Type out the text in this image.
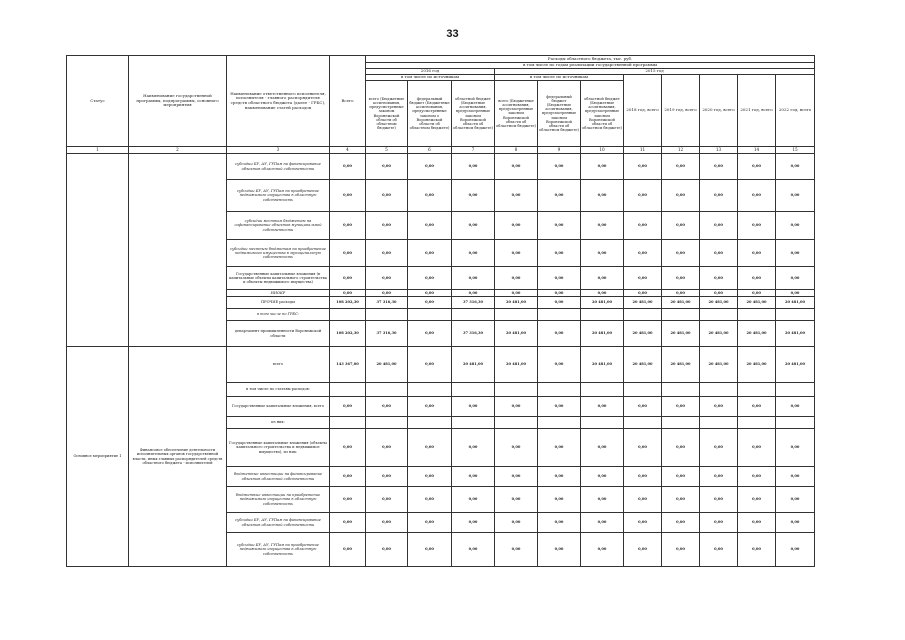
33
Статус	Наименование государственной программы, подпрограммы, основного мероприятия	Наименование ответственного исполнителя, исполнителя - главного распорядителя средств областного бюджета (далее - ГРБС), наименование статей расходов	Всего	Расходы областного бюджета, тыс. руб.										
				в том числе по годам реализации государственной программы										
				2016 год			2015 год							
				в том числе по источникам			в том числе по источникам			2018 год, всего	2019 год, всего	2020 год, всего	2021 год, всего	2022 год, всего
				всего (Бюджетные ассигнования, предусмотренные законом Воронежской области об областном бюджете)	федеральный бюджет (Бюджетные ассигнования, предусмотренные законом о Воронежской области об областном бюджете)	областной бюджет (Бюджетные ассигнования, предусмотренные законом Воронежской области об областном бюджете)	всего (Бюджетные ассигнования, предусмотренные законом Воронежской области об областном бюджете)	федеральный бюджет (Бюджетные ассигнования, предусмотренные законом Воронежской области об областном бюджете)	областной бюджет (Бюджетные ассигнования, предусмотренные законом Воронежской области об областном бюджете)					
1	2	3	4	5	6	7	8	9	10	11	12	13	14	15
		субсидии БУ, АУ, ГУПам на финансирование объектов областной собственности	0,00	0,00	0,00	0,00	0,00	0,00	0,00	0,00	0,00	0,00	0,00	0,00
		субсидии БУ, АУ, ГУПам на приобретение недвижимого имущества в областную собственность	0,00	0,00	0,00	0,00	0,00	0,00	0,00	0,00	0,00	0,00	0,00	0,00
		субсидии местным бюджетам на софинансирование объектов муниципальной собственности	0,00	0,00	0,00	0,00	0,00	0,00	0,00	0,00	0,00	0,00	0,00	0,00
		субсидии местным бюджетам на приобретение недвижимого имущества в муниципальную собственность	0,00	0,00	0,00	0,00	0,00	0,00	0,00	0,00	0,00	0,00	0,00	0,00
		Государственные капитальные вложения (в капитальные объекты капитального строительства и объекты недвижимого имущества)	0,00	0,00	0,00	0,00	0,00	0,00	0,00	0,00	0,00	0,00	0,00	0,00
		НИОКР	0,00	0,00	0,00	0,00	0,00	0,00	0,00	0,00	0,00	0,00	0,00	0,00
		ПРОЧИЕ расходы	108 202,30	37 316,30	0,00	37 316,30	20 481,00	0,00	20 481,00	20 481,00	20 481,00	20 481,00	20 481,00	20 481,00
		в том числе по ГРБС:												
		департамент промышленности Воронежской области	108 202,30	37 316,30	0,00	37 316,30	20 481,00	0,00	20 481,00	20 481,00	20 481,00	20 481,00	20 481,00	20 481,00
Основное мероприятие 1	Финансовое обеспечение деятельности исполнительных органов государственной власти, иных главных распорядителей средств областного бюджета - исполнителей	всего	143 367,00	20 481,00	0,00	20 481,00	20 481,00	0,00	20 481,00	20 481,00	20 481,00	20 481,00	20 481,00	20 481,00
		в том числе по статьям расходов:												
		Государственные капитальные вложения, всего	0,00	0,00	0,00	0,00	0,00	0,00	0,00	0,00	0,00	0,00	0,00	0,00
		из них:												
		Государственные капитальные вложения (объекты капитального строительства и недвижимое имущество), из них:	0,00	0,00	0,00	0,00	0,00	0,00	0,00	0,00	0,00	0,00	0,00	0,00
		бюджетные инвестиции на финансирование объектов областной собственности	0,00	0,00	0,00	0,00	0,00	0,00	0,00	0,00	0,00	0,00	0,00	0,00
		бюджетные инвестиции на приобретение недвижимого имущества в областную собственность	0,00	0,00	0,00	0,00	0,00	0,00	0,00	0,00	0,00	0,00	0,00	0,00
		субсидии БУ, АУ, ГУПам на финансирование объектов областной собственности	0,00	0,00	0,00	0,00	0,00	0,00	0,00	0,00	0,00	0,00	0,00	0,00
		субсидии БУ, АУ, ГУПам на приобретение недвижимого имущества в областную собственность	0,00	0,00	0,00	0,00	0,00	0,00	0,00	0,00	0,00	0,00	0,00	0,00
